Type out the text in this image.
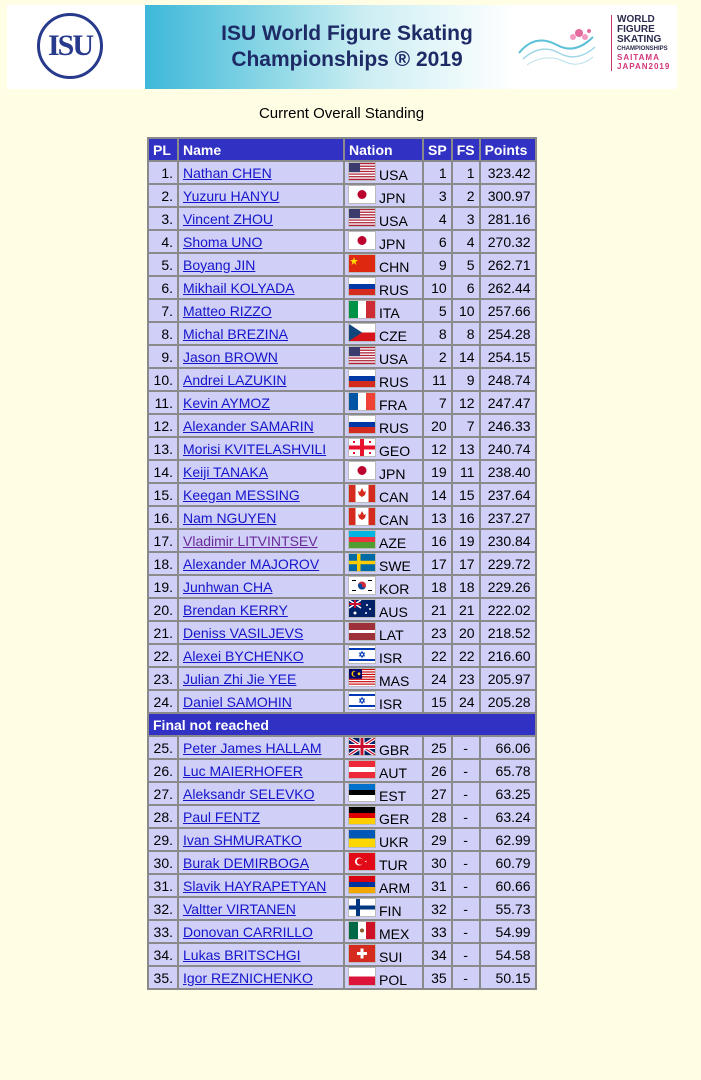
ISU	ISU World Figure Skating
Championships ® 2019
WORLD
FIGURE
SKATING
CHAMPIONSHIPS
SAITAMA
JAPAN2019
Current Overall Standing
PL	Name	Nation	SP	FS	Points
1.	Nathan CHEN	USA	1	1	323.42
2.	Yuzuru HANYU	JPN	3	2	300.97
3.	Vincent ZHOU	USA	4	3	281.16
4.	Shoma UNO	JPN	6	4	270.32
5.	Boyang JIN	CHN	9	5	262.71
6.	Mikhail KOLYADA	RUS	10	6	262.44
7.	Matteo RIZZO	ITA	5	10	257.66
8.	Michal BREZINA	CZE	8	8	254.28
9.	Jason BROWN	USA	2	14	254.15
10.	Andrei LAZUKIN	RUS	11	9	248.74
11.	Kevin AYMOZ	FRA	7	12	247.47
12.	Alexander SAMARIN	RUS	20	7	246.33
13.	Morisi KVITELASHVILI	GEO	12	13	240.74
14.	Keiji TANAKA	JPN	19	11	238.40
15.	Keegan MESSING	CAN	14	15	237.64
16.	Nam NGUYEN	CAN	13	16	237.27
17.	Vladimir LITVINTSEV	AZE	16	19	230.84
18.	Alexander MAJOROV	SWE	17	17	229.72
19.	Junhwan CHA	KOR	18	18	229.26
20.	Brendan KERRY	AUS	21	21	222.02
21.	Deniss VASILJEVS	LAT	23	20	218.52
22.	Alexei BYCHENKO	ISR	22	22	216.60
23.	Julian Zhi Jie YEE	MAS	24	23	205.97
24.	Daniel SAMOHIN	ISR	15	24	205.28
Final not reached					
25.	Peter James HALLAM	GBR	25	-	66.06
26.	Luc MAIERHOFER	AUT	26	-	65.78
27.	Aleksandr SELEVKO	EST	27	-	63.25
28.	Paul FENTZ	GER	28	-	63.24
29.	Ivan SHMURATKO	UKR	29	-	62.99
30.	Burak DEMIRBOGA	TUR	30	-	60.79
31.	Slavik HAYRAPETYAN	ARM	31	-	60.66
32.	Valtter VIRTANEN	FIN	32	-	55.73
33.	Donovan CARRILLO	MEX	33	-	54.99
34.	Lukas BRITSCHGI	SUI	34	-	54.58
35.	Igor REZNICHENKO	POL	35	-	50.15
